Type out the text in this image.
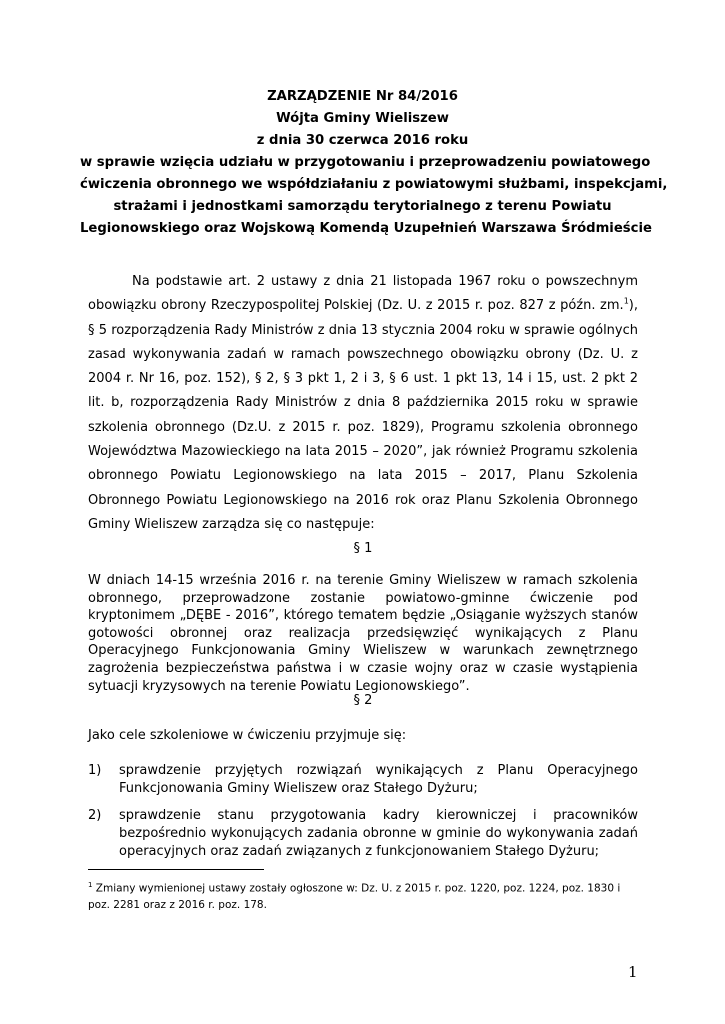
ZARZĄDZENIE Nr 84/2016
Wójta Gminy Wieliszew
z dnia 30 czerwca 2016 roku
w sprawie wzięcia udziału w przygotowaniu i przeprowadzeniu powiatowego
ćwiczenia obronnego we współdziałaniu z powiatowymi służbami, inspekcjami,
strażami i jednostkami samorządu terytorialnego z terenu Powiatu
Legionowskiego oraz Wojskową Komendą Uzupełnień Warszawa Śródmieście

Na podstawie art. 2 ustawy z dnia 21 listopada 1967 roku o powszechnym obowiązku obrony Rzeczypospolitej Polskiej (Dz. U. z 2015 r. poz. 827 z późn. zm.$^1$), § 5 rozporządzenia Rady Ministrów z dnia 13 stycznia 2004 roku w sprawie ogólnych zasad wykonywania zadań w ramach powszechnego obowiązku obrony (Dz. U. z 2004 r. Nr 16, poz. 152), § 2, § 3 pkt 1, 2 i 3, § 6 ust. 1 pkt 13, 14 i 15, ust. 2 pkt 2 lit. b, rozporządzenia Rady Ministrów z dnia 8 października 2015 roku w sprawie szkolenia obronnego (Dz.U. z 2015 r. poz. 1829), Programu szkolenia obronnego Województwa Mazowieckiego na lata 2015 – 2020”, jak również Programu szkolenia obronnego Powiatu Legionowskiego na lata 2015 – 2017, Planu Szkolenia Obronnego Powiatu Legionowskiego na 2016 rok oraz Planu Szkolenia Obronnego Gminy Wieliszew zarządza się co następuje:

§ 1

W dniach 14-15 września 2016 r. na terenie Gminy Wieliszew w ramach szkolenia obronnego, przeprowadzone zostanie powiatowo-gminne ćwiczenie pod kryptonimem „DĘBE - 2016”, którego tematem będzie „Osiąganie wyższych stanów gotowości obronnej oraz realizacja przedsięwzięć wynikających z Planu Operacyjnego Funkcjonowania Gminy Wieliszew w warunkach zewnętrznego zagrożenia bezpieczeństwa państwa i w czasie wojny oraz w czasie wystąpienia sytuacji kryzysowych na terenie Powiatu Legionowskiego”.

§ 2
Jako cele szkoleniowe w ćwiczeniu przyjmuje się:
1) sprawdzenie przyjętych rozwiązań wynikających z Planu Operacyjnego Funkcjonowania Gminy Wieliszew oraz Stałego Dyżuru;
2) sprawdzenie stanu przygotowania kadry kierowniczej i pracowników bezpośrednio wykonujących zadania obronne w gminie do wykonywania zadań operacyjnych oraz zadań związanych z funkcjonowaniem Stałego Dyżuru;
$^1$ Zmiany wymienionej ustawy zostały ogłoszone w: Dz. U. z 2015 r. poz. 1220, poz. 1224, poz. 1830 i poz. 2281 oraz z 2016 r. poz. 178.
1
